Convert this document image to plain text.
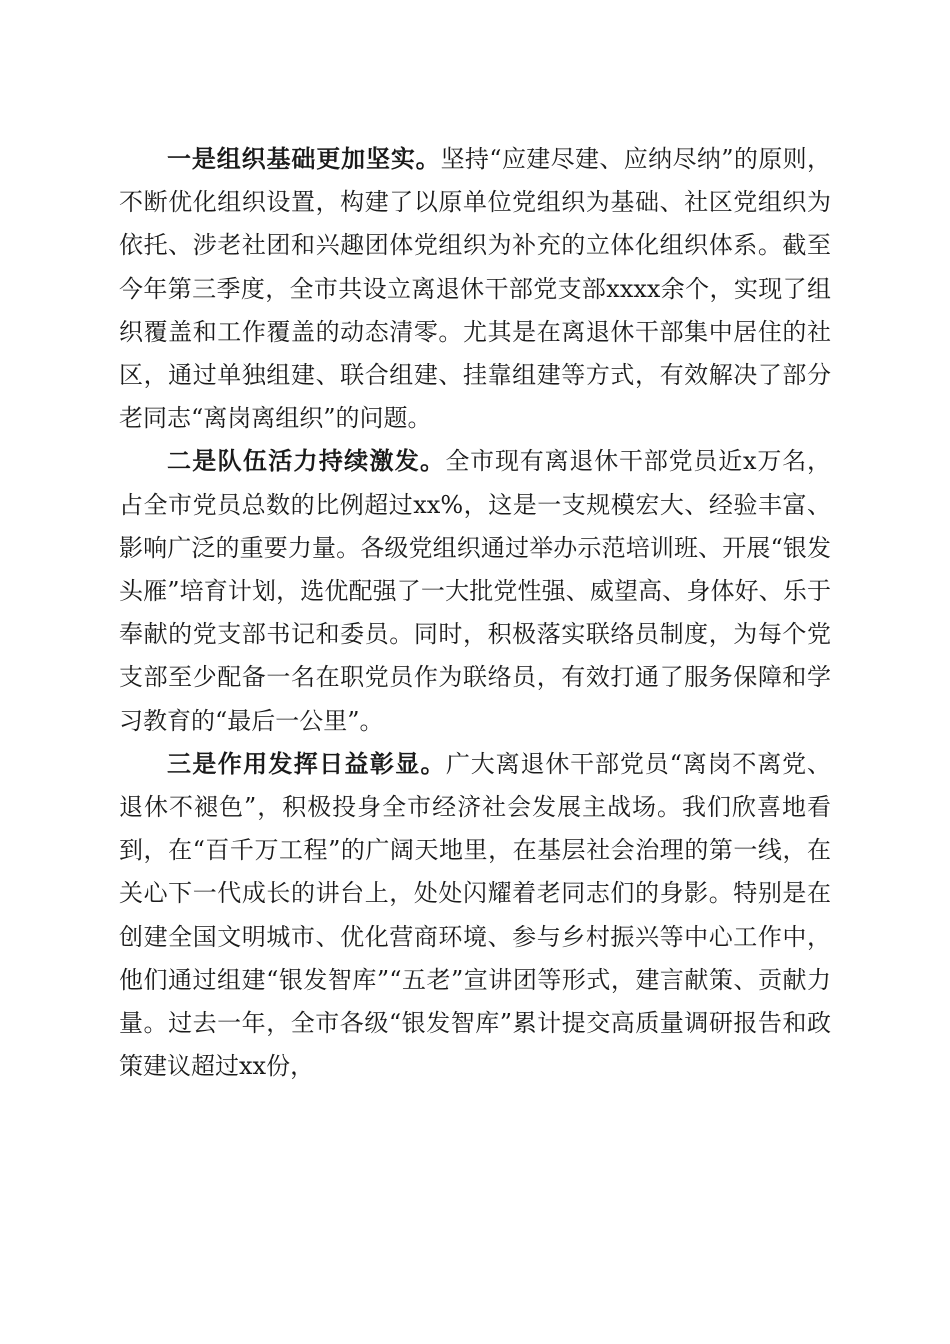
一是组织基础更加坚实。坚持“应建尽建、应纳尽纳”的原则，不断优化组织设置，构建了以原单位党组织为基础、社区党组织为依托、涉老社团和兴趣团体党组织为补充的立体化组织体系。截至今年第三季度，全市共设立离退休干部党支部xxxx余个，实现了组织覆盖和工作覆盖的动态清零。尤其是在离退休干部集中居住的社区，通过单独组建、联合组建、挂靠组建等方式，有效解决了部分老同志“离岗离组织”的问题。

二是队伍活力持续激发。全市现有离退休干部党员近x万名，占全市党员总数的比例超过xx%，这是一支规模宏大、经验丰富、影响广泛的重要力量。各级党组织通过举办示范培训班、开展“银发头雁”培育计划，选优配强了一大批党性强、威望高、身体好、乐于奉献的党支部书记和委员。同时，积极落实联络员制度，为每个党支部至少配备一名在职党员作为联络员，有效打通了服务保障和学习教育的“最后一公里”。

三是作用发挥日益彰显。广大离退休干部党员“离岗不离党、退休不褪色”，积极投身全市经济社会发展主战场。我们欣喜地看到，在“百千万工程”的广阔天地里，在基层社会治理的第一线，在关心下一代成长的讲台上，处处闪耀着老同志们的身影。特别是在创建全国文明城市、优化营商环境、参与乡村振兴等中心工作中，他们通过组建“银发智库”“五老”宣讲团等形式，建言献策、贡献力量。过去一年，全市各级“银发智库”累计提交高质量调研报告和政策建议超过xx份，
